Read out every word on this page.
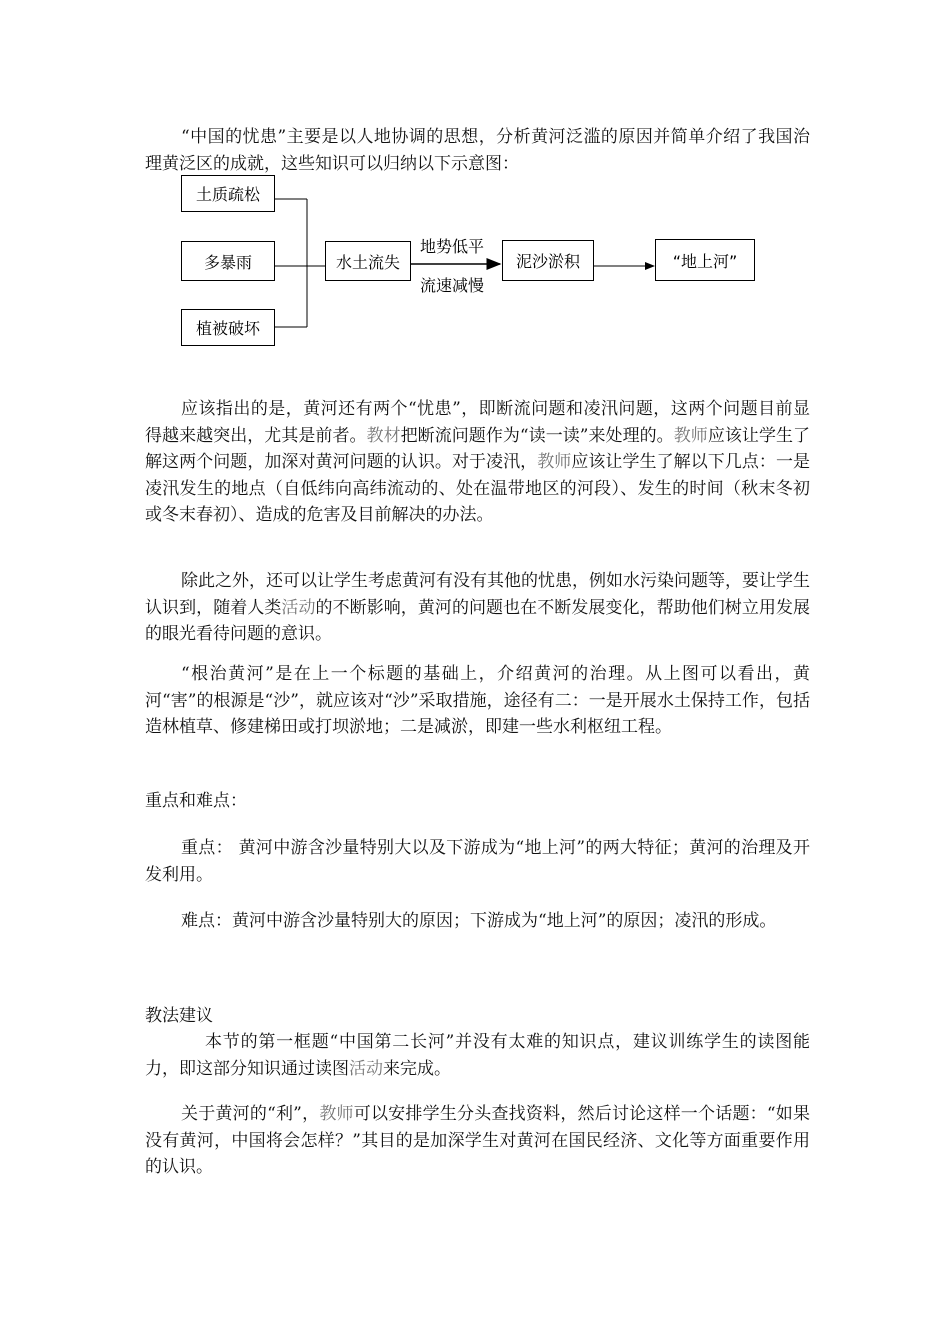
“中国的忧患”主要是以人地协调的思想，分析黄河泛滥的原因并简单介绍了我国治理黄泛区的成就，这些知识可以归纳以下示意图：

土质疏松
多暴雨
植被破坏
水土流失
地势低平
流速减慢
泥沙淤积	“地上河”

应该指出的是，黄河还有两个“忧患”，即断流问题和凌汛问题，这两个问题目前显得越来越突出，尤其是前者。教材把断流问题作为“读一读”来处理的。教师应该让学生了解这两个问题，加深对黄河问题的认识。对于凌汛，教师应该让学生了解以下几点：一是凌汛发生的地点（自低纬向高纬流动的、处在温带地区的河段）、发生的时间（秋末冬初或冬末春初）、造成的危害及目前解决的办法。

除此之外，还可以让学生考虑黄河有没有其他的忧患，例如水污染问题等，要让学生认识到，随着人类活动的不断影响，黄河的问题也在不断发展变化，帮助他们树立用发展的眼光看待问题的意识。

“根治黄河”是在上一个标题的基础上，介绍黄河的治理。从上图可以看出，黄河“害”的根源是“沙”，就应该对“沙”采取措施，途径有二：一是开展水土保持工作，包括造林植草、修建梯田或打坝淤地；二是减淤，即建一些水利枢纽工程。

重点和难点：

重点： 黄河中游含沙量特别大以及下游成为“地上河”的两大特征；黄河的治理及开发利用。

难点：黄河中游含沙量特别大的原因；下游成为“地上河”的原因；凌汛的形成。

教法建议

本节的第一框题“中国第二长河”并没有太难的知识点，建议训练学生的读图能力，即这部分知识通过读图活动来完成。

关于黄河的“利”，教师可以安排学生分头查找资料，然后讨论这样一个话题：“如果没有黄河，中国将会怎样？”其目的是加深学生对黄河在国民经济、文化等方面重要作用的认识。
